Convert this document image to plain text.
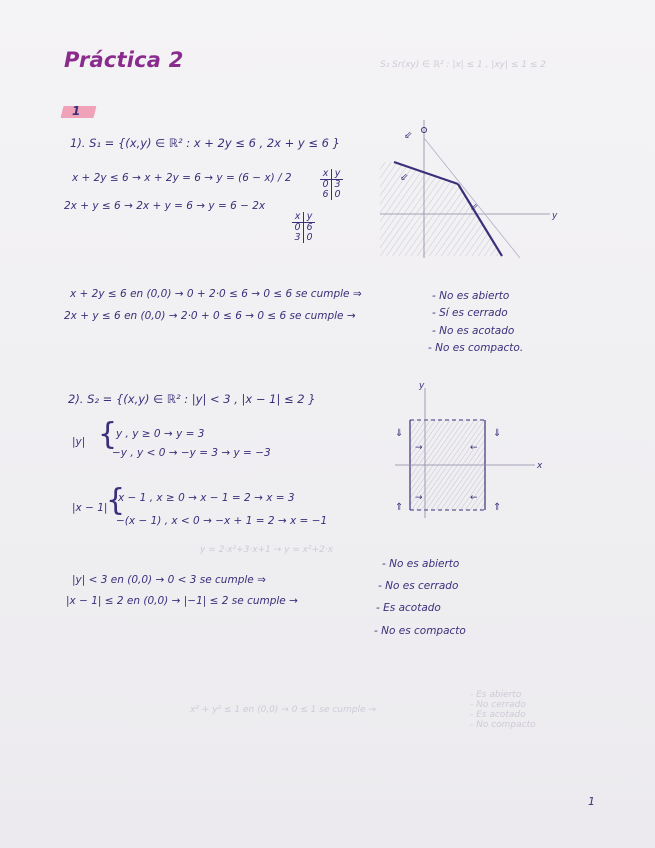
S₂ Sr(xy) ∈ ℝ² : |x| ≤ 1 , |xy| ≤ 1 ≤ 2
y = 2·x²+3·x+1 → y = x²+2·x
x² + y² ≤ 1 en (0,0) → 0 ≤ 1 se cumple →
- Es abierto
- No cerrado
- Es acotado
- No compacto
Práctica 2
1
1). S₁ = {(x,y) ∈ ℝ² : x + 2y ≤ 6 , 2x + y ≤ 6 }
x + 2y ≤ 6 → x + 2y = 6 → y = (6 − x) / 2
2x + y ≤ 6 → 2x + y = 6 → y = 6 − 2x
x y
0 3
6 0
x y
0 6
3 0
y
⇙
⇙
⇙
x + 2y ≤ 6 en (0,0) → 0 + 2·0 ≤ 6 → 0 ≤ 6 se cumple ⇒
2x + y ≤ 6 en (0,0) → 2·0 + 0 ≤ 6 → 0 ≤ 6 se cumple →
- No es abierto
- Sí es cerrado
- No es acotado
- No es compacto.
2). S₂ = {(x,y) ∈ ℝ² : |y| < 3 , |x − 1| ≤ 2 }
|y| {
y , y ≥ 0 → y = 3
−y , y < 0 → −y = 3 → y = −3
|x − 1|
{
x − 1 , x ≥ 0 → x − 1 = 2 → x = 3
−(x − 1) , x < 0 → −x + 1 = 2 → x = −1
x
y
⇓	⇓
⇑	⇑
→	←
→	←
|y| < 3 en (0,0) → 0 < 3 se cumple ⇒
|x − 1| ≤ 2 en (0,0) → |−1| ≤ 2 se cumple →
- No es abierto
- No es cerrado
- Es acotado
- No es compacto
1
